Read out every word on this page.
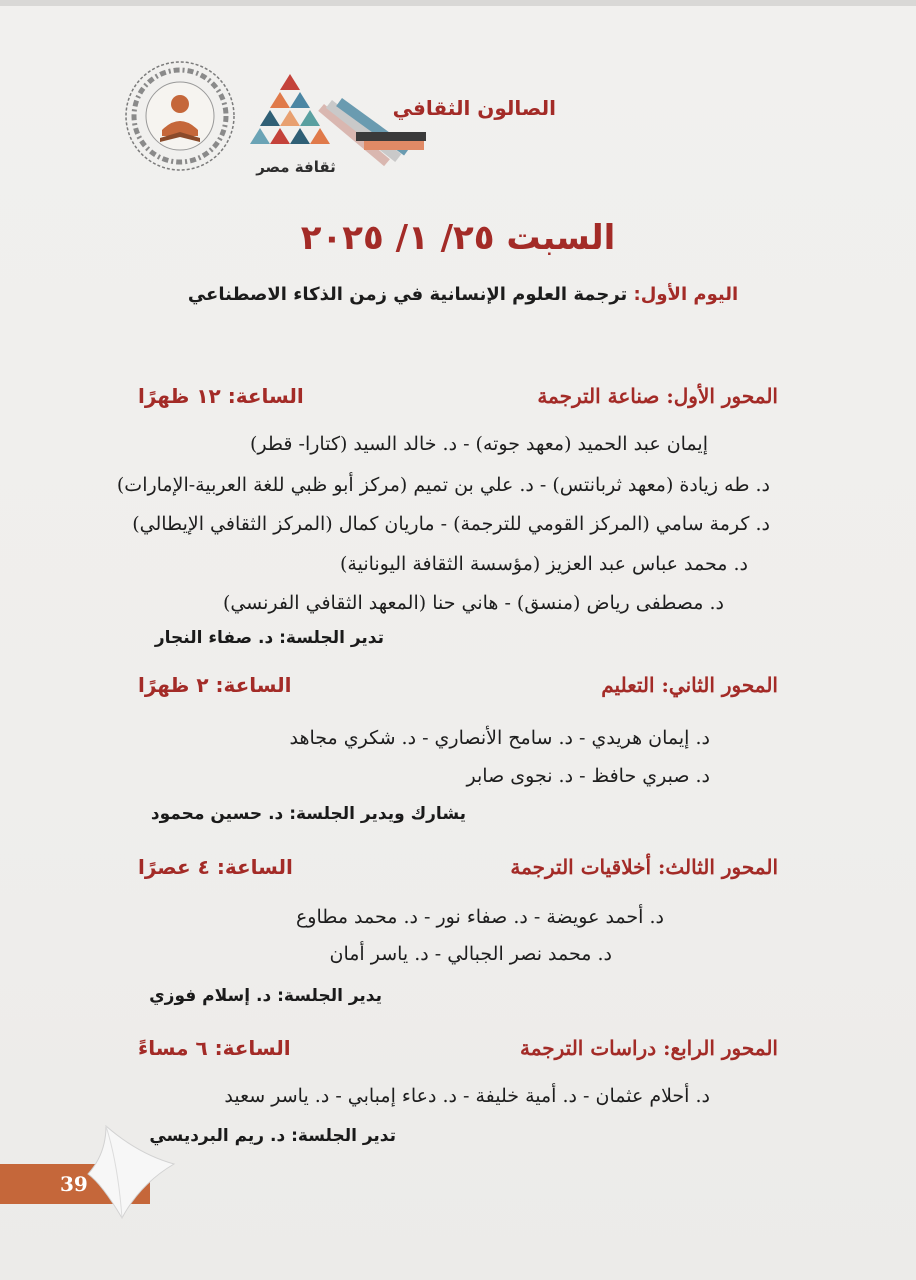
الصالون الثقافي
ثقافة مصر
السبت ٢٥/ ١/ ٢٠٢٥
اليوم الأول: ترجمة العلوم الإنسانية في زمن الذكاء الاصطناعي
المحور الأول: صناعة الترجمة
الساعة: ١٢ ظهرًا
إيمان عبد الحميد (معهد جوته) - د. خالد السيد (كتارا- قطر)
د. طه زيادة (معهد ثربانتس) - د. علي بن تميم (مركز أبو ظبي للغة العربية-الإمارات)
د. كرمة سامي (المركز القومي للترجمة) - ماريان كمال (المركز الثقافي الإيطالي)
د. محمد عباس عبد العزيز (مؤسسة الثقافة اليونانية)
د. مصطفى رياض (منسق) - هاني حنا (المعهد الثقافي الفرنسي)
تدير الجلسة: د. صفاء النجار
المحور الثاني: التعليم
الساعة: ٢ ظهرًا
د. إيمان هريدي - د. سامح الأنصاري - د. شكري مجاهد
د. صبري حافظ - د. نجوى صابر
يشارك ويدير الجلسة: د. حسين محمود
المحور الثالث: أخلاقيات الترجمة
الساعة: ٤ عصرًا
د. أحمد عويضة - د. صفاء نور - د. محمد مطاوع
د. محمد نصر الجبالي - د. ياسر أمان
يدير الجلسة: د. إسلام فوزي
المحور الرابع: دراسات الترجمة
الساعة: ٦ مساءً
د. أحلام عثمان - د. أمية خليفة - د. دعاء إمبابي - د. ياسر سعيد
تدير الجلسة: د. ريم البرديسي
39
